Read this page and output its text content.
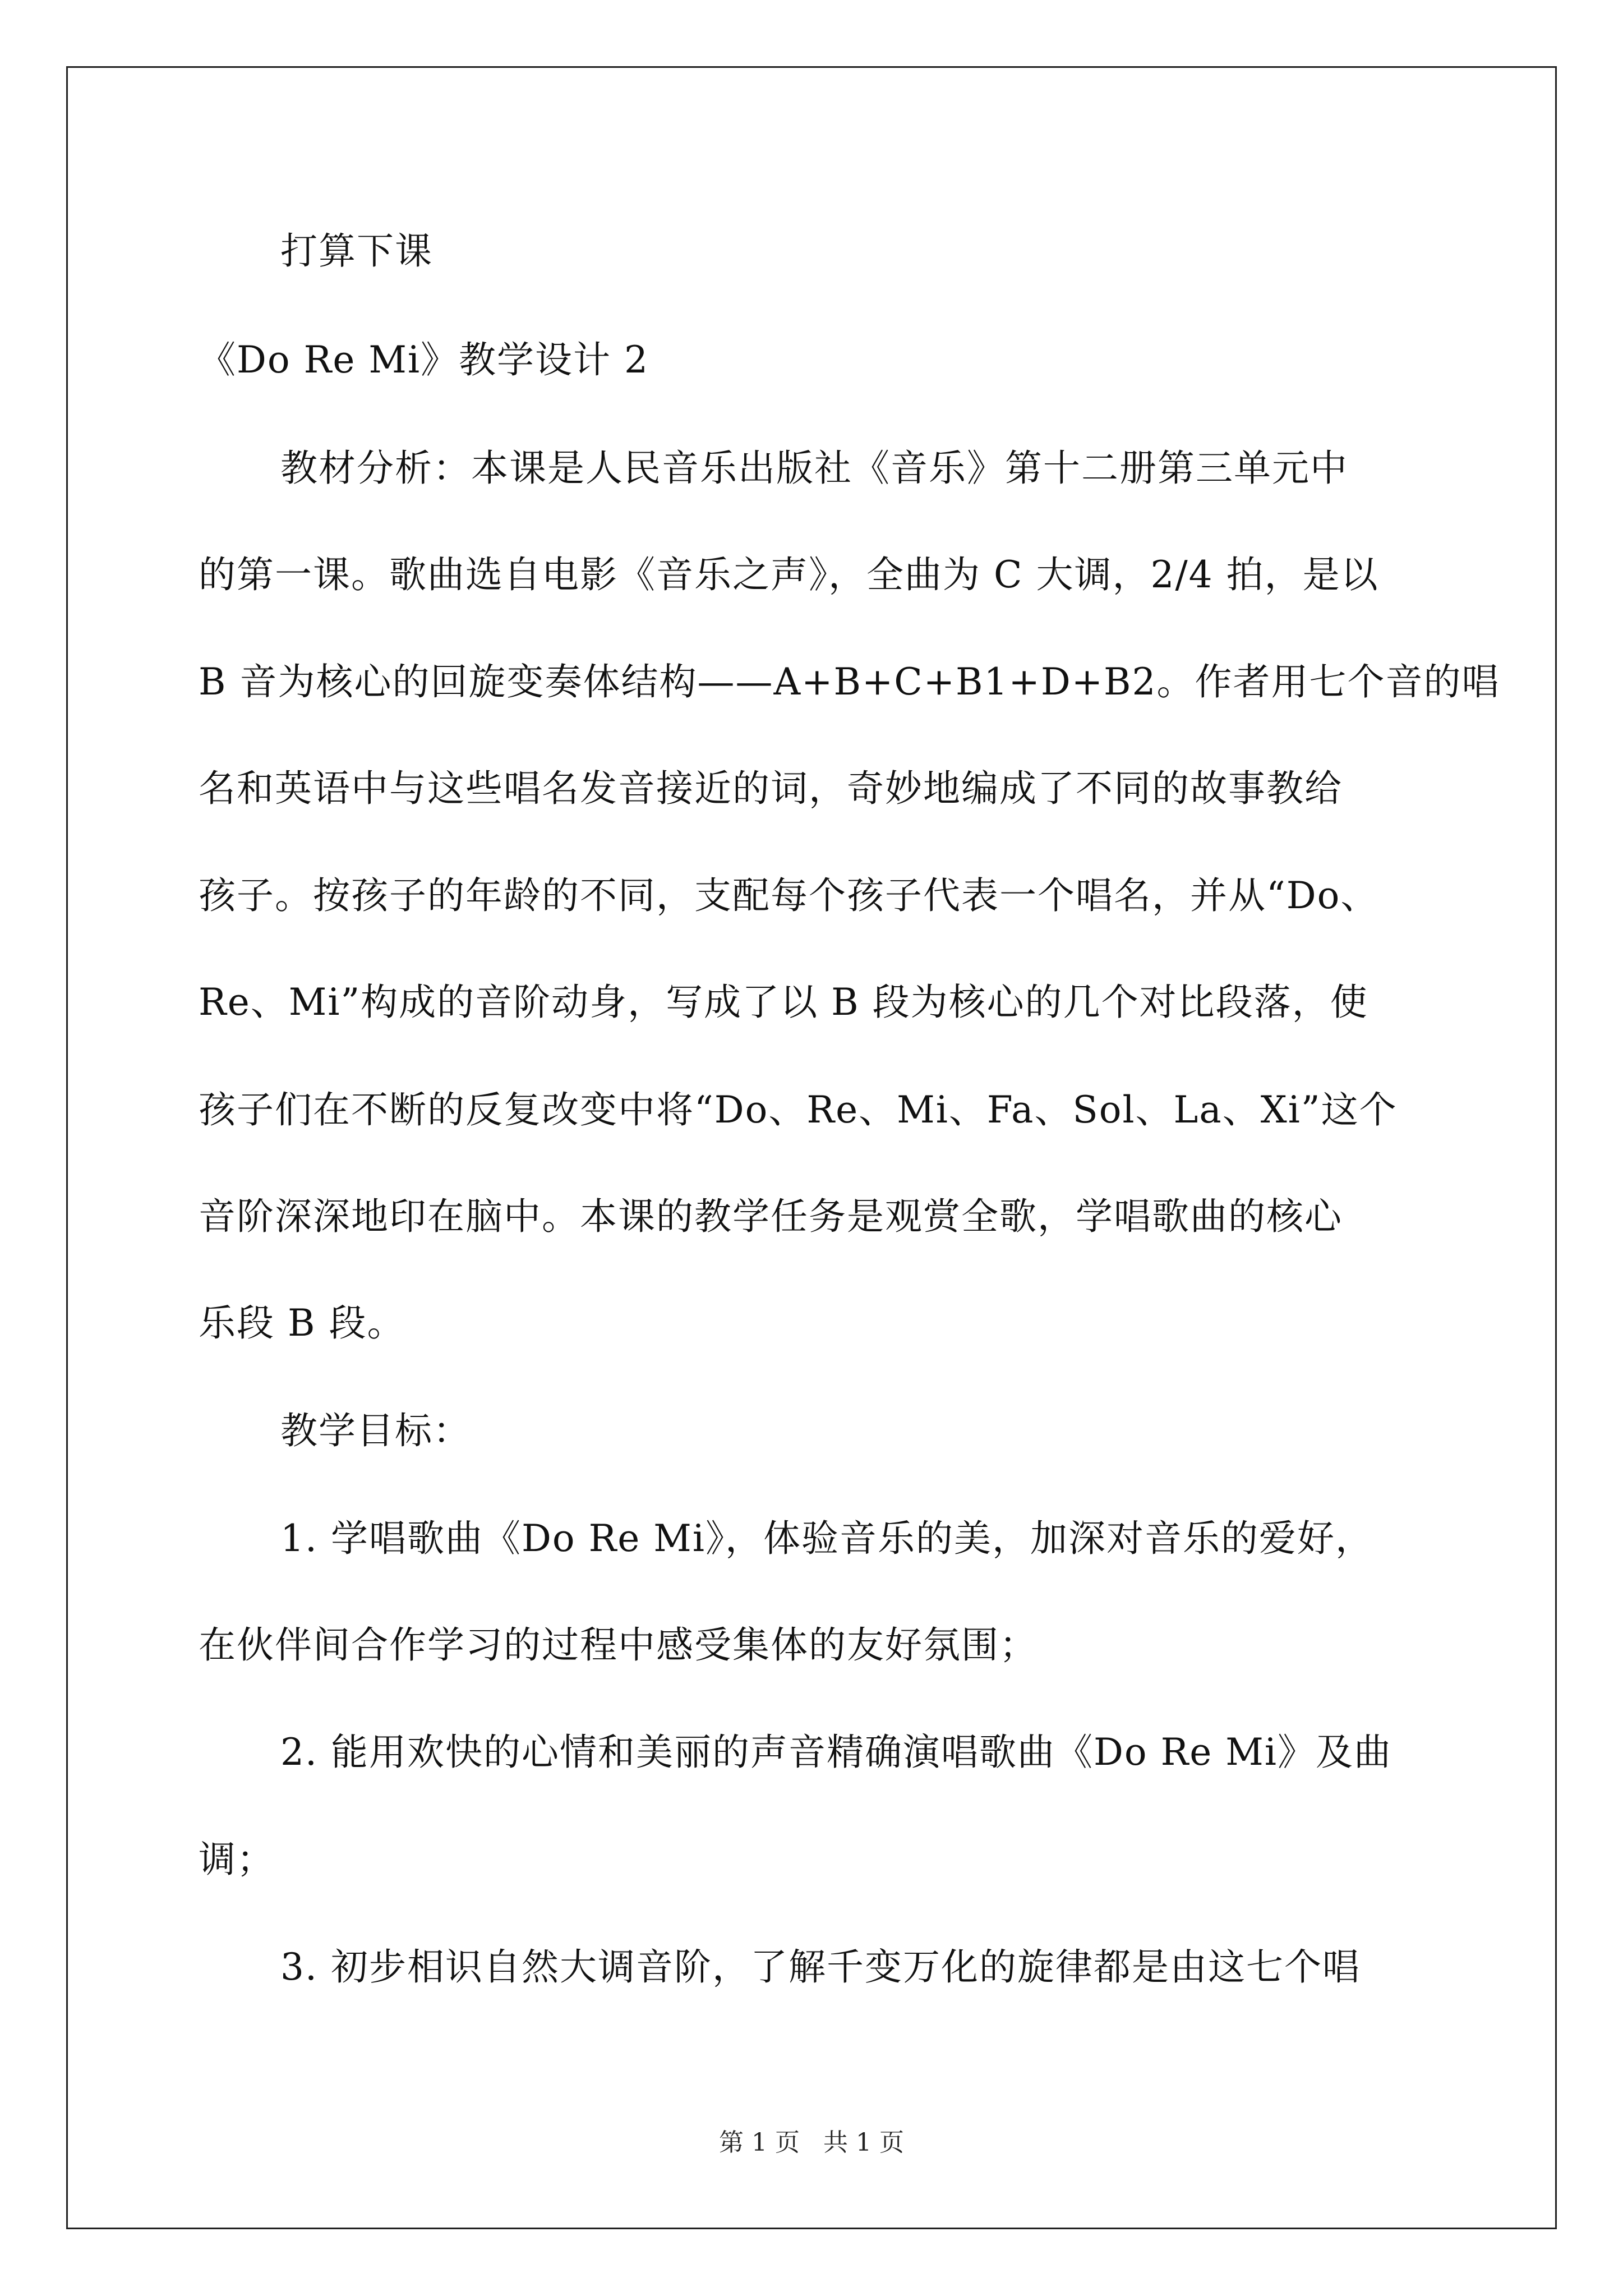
打算下课
《Do Re Mi》教学设计 2
教材分析：本课是人民音乐出版社《音乐》第十二册第三单元中
的第一课。歌曲选自电影《音乐之声》，全曲为 C 大调，2/4 拍，是以
B 音为核心的回旋变奏体结构——A+B+C+B1+D+B2。作者用七个音的唱
名和英语中与这些唱名发音接近的词，奇妙地编成了不同的故事教给
孩子。按孩子的年龄的不同，支配每个孩子代表一个唱名，并从“Do、
Re、Mi”构成的音阶动身，写成了以 B 段为核心的几个对比段落，使
孩子们在不断的反复改变中将“Do、Re、Mi、Fa、Sol、La、Xi”这个
音阶深深地印在脑中。本课的教学任务是观赏全歌，学唱歌曲的核心
乐段 B 段。
教学目标：
1. 学唱歌曲《Do Re Mi》，体验音乐的美，加深对音乐的爱好，
在伙伴间合作学习的过程中感受集体的友好氛围；
2. 能用欢快的心情和美丽的声音精确演唱歌曲《Do Re Mi》及曲
调；
3. 初步相识自然大调音阶，了解千变万化的旋律都是由这七个唱
第 1 页 共 1 页
